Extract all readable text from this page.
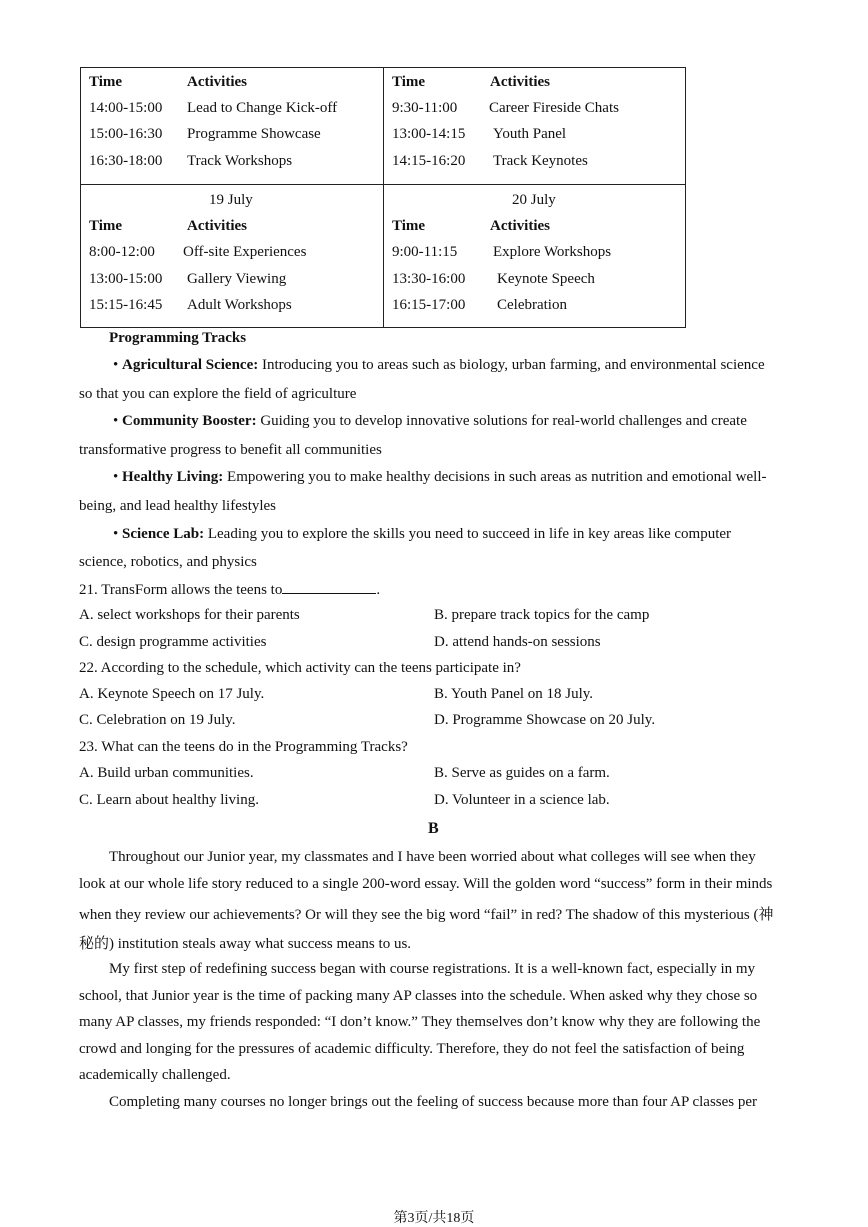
Time	Activities
14:00-15:00 Lead to Change Kick-off
15:00-16:30 Programme Showcase
16:30-18:00 Track Workshops
Time	Activities
9:30-11:00 Career Fireside Chats
13:00-14:15 Youth Panel
14:15-16:20 Track Keynotes
19 July
Time	Activities
8:00-12:00 Off-site Experiences
13:00-15:00 Gallery Viewing
15:15-16:45 Adult Workshops
20 July
Time	Activities
9:00-11:15 Explore Workshops
13:30-16:00 Keynote Speech
16:15-17:00 Celebration
Programming Tracks
• Agricultural Science: Introducing you to areas such as biology, urban farming, and environmental science
so that you can explore the field of agriculture
• Community Booster: Guiding you to develop innovative solutions for real-world challenges and create
transformative progress to benefit all communities
• Healthy Living: Empowering you to make healthy decisions in such areas as nutrition and emotional well-
being, and lead healthy lifestyles
• Science Lab: Leading you to explore the skills you need to succeed in life in key areas like computer
science, robotics, and physics
21. TransForm allows the teens to	.
A. select workshops for their parents	B. prepare track topics for the camp
C. design programme activities	D. attend hands-on sessions
22. According to the schedule, which activity can the teens participate in?
A. Keynote Speech on 17 July.	B. Youth Panel on 18 July.
C. Celebration on 19 July.	D. Programme Showcase on 20 July.
23. What can the teens do in the Programming Tracks?
A. Build urban communities.	B. Serve as guides on a farm.
C. Learn about healthy living.	D. Volunteer in a science lab.
B
Throughout our Junior year, my classmates and I have been worried about what colleges will see when they
look at our whole life story reduced to a single 200-word essay. Will the golden word “success” form in their minds
when they review our achievements? Or will they see the big word “fail” in red? The shadow of this mysterious (神
秘的) institution steals away what success means to us.
My first step of redefining success began with course registrations. It is a well-known fact, especially in my
school, that Junior year is the time of packing many AP classes into the schedule. When asked why they chose so
many AP classes, my friends responded: “I don’t know.” They themselves don’t know why they are following the
crowd and longing for the pressures of academic difficulty. Therefore, they do not feel the satisfaction of being
academically challenged.
Completing many courses no longer brings out the feeling of success because more than four AP classes per
第3页/共18页
